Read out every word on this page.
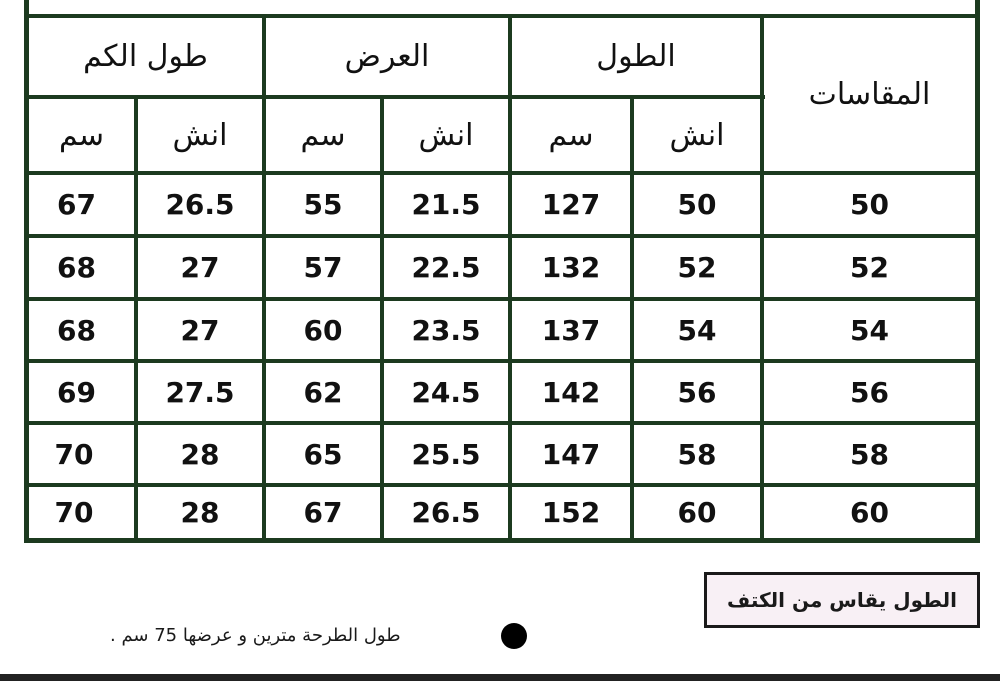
طول الكم	العرض	الطول
المقاسات
سم	انش	سم	انش	سم	انش
67	26.5	55	21.5	127	50	50
68	27	57	22.5	132	52	52
68	27	60	23.5	137	54	54
69	27.5	62	24.5	142	56	56
70	28	65	25.5	147	58	58
70	28	67	26.5	152	60	60
الطول يقاس من الكتف
طول الطرحة مترين و عرضها 75 سم .
